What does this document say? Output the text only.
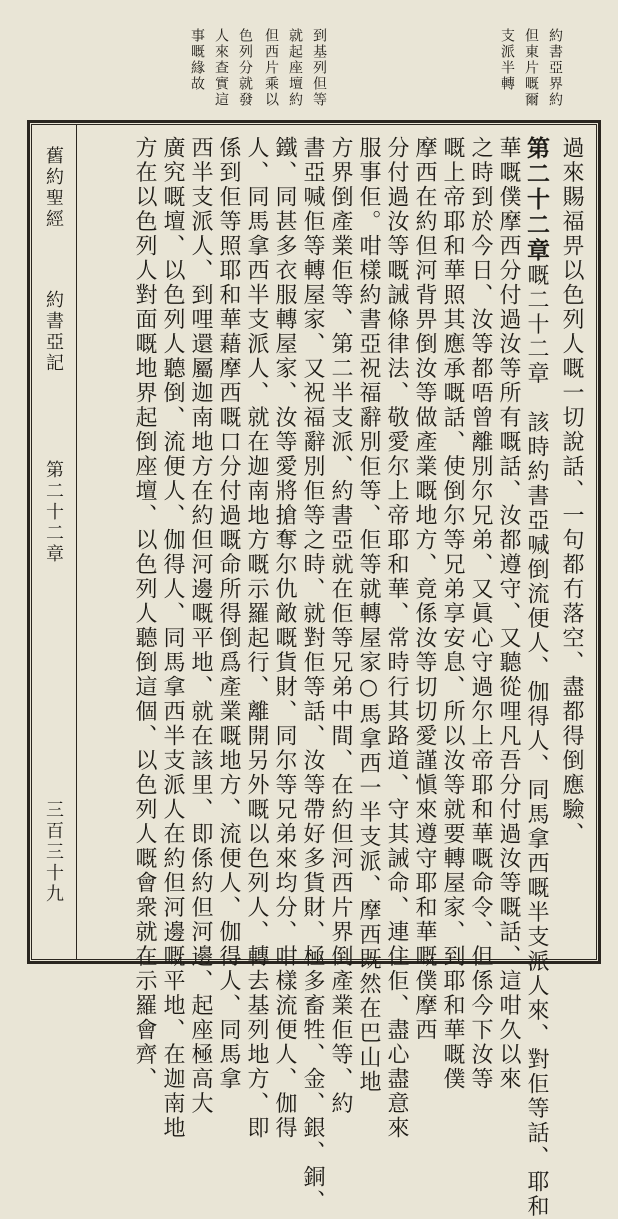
約書亞界約
但東片嘅爾
支派半轉
到基列但等
就起座壇約
但西片乘以
色列分就發
人來查實這
事嘅緣故
過來賜福畀以色列人嘅一切說話、一句都冇落空、盡都得倒應驗、
第二十二章嘅二十二章　該時約書亞喊倒流便人、伽得人、同馬拿西嘅半支派人來、對佢等話、耶和
華嘅僕摩西分付過汝等所有嘅話、汝都遵守、又聽從哩凡吾分付過汝等嘅話、這咁久以來
之時到於今日、汝等都唔曾離別尔兄弟、又眞心守過尔上帝耶和華嘅命令、但係今下汝等
嘅上帝耶和華照其應承嘅話、使倒尔等兄弟享安息、所以汝等就要轉屋家、到耶和華嘅僕
摩西在約但河背畀倒汝等做產業嘅地方、竟係汝等切切愛謹愼來遵守耶和華嘅僕摩西
分付過汝等嘅誡條律法、敬愛尔上帝耶和華、常時行其路道、守其誡命、連住佢、盡心盡意來
服事佢。咁樣約書亞祝福辭別佢等、佢等就轉屋家○馬拿西一半支派、摩西既然在巴山地
方界倒產業佢等、第二半支派、約書亞就在佢等兄弟中間、在約但河西片界倒產業佢等、約
書亞喊佢等轉屋家、又祝福辭別佢等之時、就對佢等話、汝等帶好多貨財、極多畜牲、金、銀、銅、
鐵、同甚多衣服轉屋家、汝等愛將搶奪尔仇敵嘅貨財、同尔等兄弟來均分、咁樣流便人、伽得
人、同馬拿西半支派人、就在迦南地方嘅示羅起行、離開另外嘅以色列人、轉去基列地方、即
係到佢等照耶和華藉摩西嘅口分付過嘅命所得倒爲產業嘅地方、流便人、伽得人、同馬拿
西半支派人、到哩還屬迦南地方在約但河邊嘅平地、就在該里、即係約但河邊、起座極高大
廣究嘅壇、以色列人聽倒、流便人、伽得人、同馬拿西半支派人在約但河邊嘅平地、在迦南地
方在以色列人對面嘅地界起倒座壇、以色列人聽倒這個、以色列人嘅會衆就在示羅會齊、
舊約聖經
約書亞記
第二十二章
三百三十九
